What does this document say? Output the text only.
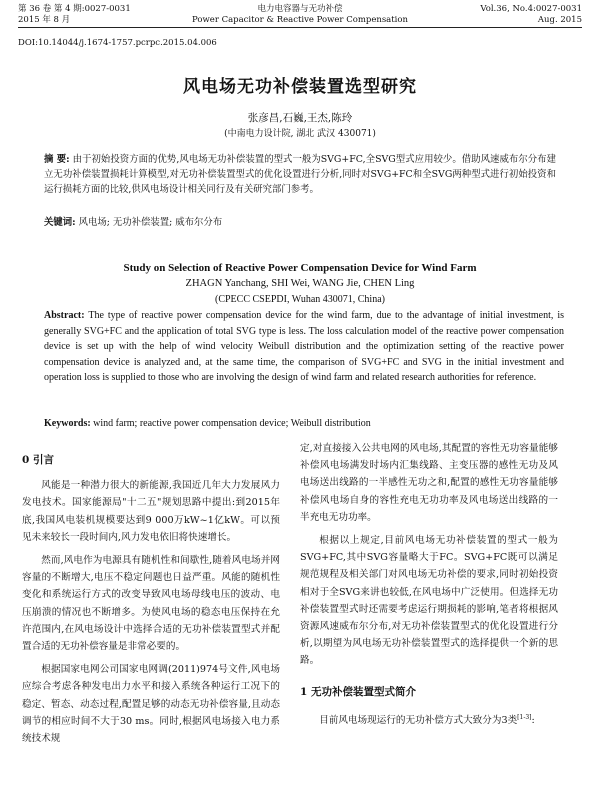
第 36 卷 第 4 期:0027-0031
2015 年 8 月
电力电容器与无功补偿
Power Capacitor & Reactive Power Compensation
Vol.36, No.4:0027-0031
Aug. 2015
DOI:10.14044/j.1674-1757.pcrpc.2015.04.006
风电场无功补偿装置选型研究
张彦昌,石巍,王杰,陈玲
(中南电力设计院, 湖北 武汉 430071)
摘 要: 由于初始投资方面的优势,风电场无功补偿装置的型式一般为SVG+FC,全SVG型式应用较少。借助风速威布尔分布建立无功补偿装置损耗计算模型,对无功补偿装置型式的优化设置进行分析,同时对SVG+FC和全SVG两种型式进行初始投资和运行损耗方面的比较,供风电场设计相关同行及有关研究部门参考。
关键词: 风电场; 无功补偿装置; 威布尔分布
Study on Selection of Reactive Power Compensation Device for Wind Farm
ZHAGN Yanchang, SHI Wei, WANG Jie, CHEN Ling
(CPECC CSEPDI, Wuhan 430071, China)
Abstract: The type of reactive power compensation device for the wind farm, due to the advantage of initial investment, is generally SVG+FC and the application of total SVG type is less. The loss calculation model of the reactive power compensation device is set up with the help of wind velocity Weibull distribution and the optimization setting of the reactive power compensation device is analyzed and, at the same time, the comparison of SVG+FC and SVG in the initial investment and operation loss is supplied to those who are involving the design of wind farm and related research authorities for reference.
Keywords: wind farm; reactive power compensation device; Weibull distribution
0 引言

风能是一种潜力很大的新能源,我国近几年大力发展风力发电技术。国家能源局"十二五"规划思路中提出:到2015年底,我国风电装机规模要达到9 000万kW~1亿kW。可以预见未来较长一段时间内,风力发电依旧将快速增长。

然而,风电作为电源具有随机性和间歇性,随着风电场并网容量的不断增大,电压不稳定问题也日益严重。风能的随机性变化和系统运行方式的改变导致风电场母线电压的波动、电压崩溃的情况也不断增多。为使风电场的稳态电压保持在允许范围内,在风电场设计中选择合适的无功补偿装置型式并配置合适的无功补偿容量是非常必要的。

根据国家电网公司国家电网调(2011)974号文件,风电场应综合考虑各种发电出力水平和接入系统各种运行工况下的稳定、暂态、动态过程,配置足够的动态无功补偿容量,且动态调节的相应时间不大于30 ms。同时,根据风电场接入电力系统技术规

定,对直接接入公共电网的风电场,其配置的容性无功容量能够补偿风电场满发时场内汇集线路、主变压器的感性无功及风电场送出线路的一半感性无功之和,配置的感性无功容量能够补偿风电场自身的容性充电无功功率及风电场送出线路的一半充电无功功率。

根据以上规定,目前风电场无功补偿装置的型式一般为SVG+FC,其中SVG容量略大于FC。SVG+FC既可以满足规范规程及相关部门对风电场无功补偿的要求,同时初始投资相对于全SVG来讲也较低,在风电场中广泛使用。但选择无功补偿装置型式时还需要考虑运行期损耗的影响,笔者将根据风资源风速威布尔分布,对无功补偿装置型式的优化设置进行分析,以期望为风电场无功补偿装置型式的选择提供一个新的思路。

1 无功补偿装置型式简介

目前风电场现运行的无功补偿方式大致分为3类[1-3]:
